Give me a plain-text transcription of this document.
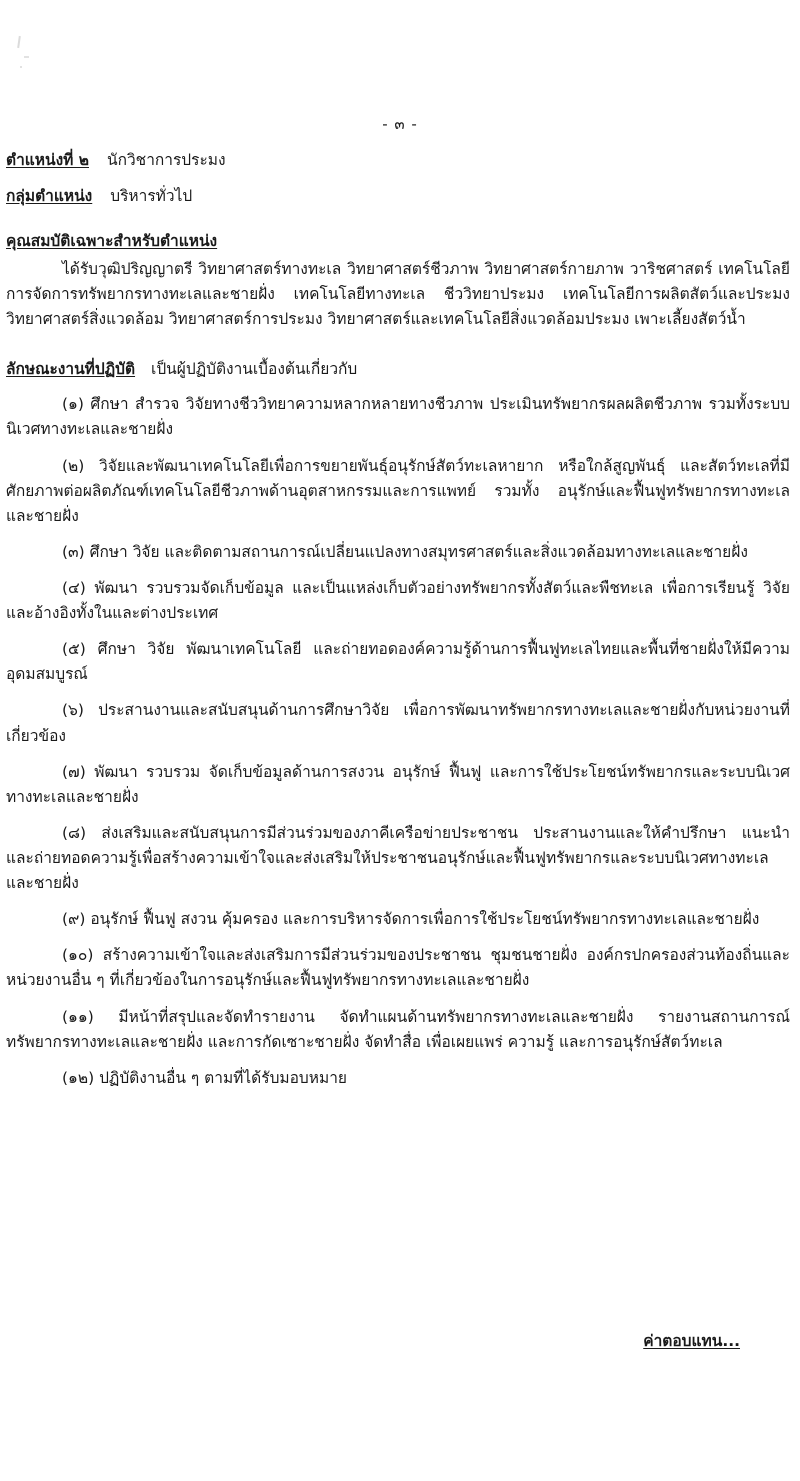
- ๓ -
ตำแหน่งที่ ๒ นักวิชาการประมง
กลุ่มตำแหน่ง บริหารทั่วไป
คุณสมบัติเฉพาะสำหรับตำแหน่ง
ได้รับวุฒิปริญญาตรี วิทยาศาสตร์ทางทะเล วิทยาศาสตร์ชีวภาพ วิทยาศาสตร์กายภาพ วาริชศาสตร์ เทคโนโลยีการจัดการทรัพยากรทางทะเลและชายฝั่ง เทคโนโลยีทางทะเล ชีววิทยาประมง เทคโนโลยีการผลิตสัตว์และประมง วิทยาศาสตร์สิ่งแวดล้อม วิทยาศาสตร์การประมง วิทยาศาสตร์และเทคโนโลยีสิ่งแวดล้อมประมง เพาะเลี้ยงสัตว์น้ำ
ลักษณะงานที่ปฏิบัติ เป็นผู้ปฏิบัติงานเบื้องต้นเกี่ยวกับ
(๑) ศึกษา สำรวจ วิจัยทางชีววิทยาความหลากหลายทางชีวภาพ ประเมินทรัพยากรผลผลิตชีวภาพ รวมทั้งระบบนิเวศทางทะเลและชายฝั่ง
(๒) วิจัยและพัฒนาเทคโนโลยีเพื่อการขยายพันธุ์อนุรักษ์สัตว์ทะเลหายาก หรือใกล้สูญพันธุ์ และสัตว์ทะเลที่มีศักยภาพต่อผลิตภัณฑ์เทคโนโลยีชีวภาพด้านอุตสาหกรรมและการแพทย์ รวมทั้ง อนุรักษ์และฟื้นฟูทรัพยากรทางทะเลและชายฝั่ง
(๓) ศึกษา วิจัย และติดตามสถานการณ์เปลี่ยนแปลงทางสมุทรศาสตร์และสิ่งแวดล้อมทางทะเลและชายฝั่ง
(๔) พัฒนา รวบรวมจัดเก็บข้อมูล และเป็นแหล่งเก็บตัวอย่างทรัพยากรทั้งสัตว์และพืชทะเล เพื่อการเรียนรู้ วิจัย และอ้างอิงทั้งในและต่างประเทศ
(๕) ศึกษา วิจัย พัฒนาเทคโนโลยี และถ่ายทอดองค์ความรู้ด้านการฟื้นฟูทะเลไทยและพื้นที่ชายฝั่งให้มีความอุดมสมบูรณ์
(๖) ประสานงานและสนับสนุนด้านการศึกษาวิจัย เพื่อการพัฒนาทรัพยากรทางทะเลและชายฝั่งกับหน่วยงานที่เกี่ยวข้อง
(๗) พัฒนา รวบรวม จัดเก็บข้อมูลด้านการสงวน อนุรักษ์ ฟื้นฟู และการใช้ประโยชน์ทรัพยากรและระบบนิเวศทางทะเลและชายฝั่ง
(๘) ส่งเสริมและสนับสนุนการมีส่วนร่วมของภาคีเครือข่ายประชาชน ประสานงานและให้คำปรึกษา แนะนำ และถ่ายทอดความรู้เพื่อสร้างความเข้าใจและส่งเสริมให้ประชาชนอนุรักษ์และฟื้นฟูทรัพยากรและระบบนิเวศทางทะเลและชายฝั่ง
(๙) อนุรักษ์ ฟื้นฟู สงวน คุ้มครอง และการบริหารจัดการเพื่อการใช้ประโยชน์ทรัพยากรทางทะเลและชายฝั่ง
(๑๐) สร้างความเข้าใจและส่งเสริมการมีส่วนร่วมของประชาชน ชุมชนชายฝั่ง องค์กรปกครองส่วนท้องถิ่นและหน่วยงานอื่น ๆ ที่เกี่ยวข้องในการอนุรักษ์และฟื้นฟูทรัพยากรทางทะเลและชายฝั่ง
(๑๑) มีหน้าที่สรุปและจัดทำรายงาน จัดทำแผนด้านทรัพยากรทางทะเลและชายฝั่ง รายงานสถานการณ์ทรัพยากรทางทะเลและชายฝั่ง และการกัดเซาะชายฝั่ง จัดทำสื่อ เพื่อเผยแพร่ ความรู้ และการอนุรักษ์สัตว์ทะเล
(๑๒) ปฏิบัติงานอื่น ๆ ตามที่ได้รับมอบหมาย
ค่าตอบแทน...
